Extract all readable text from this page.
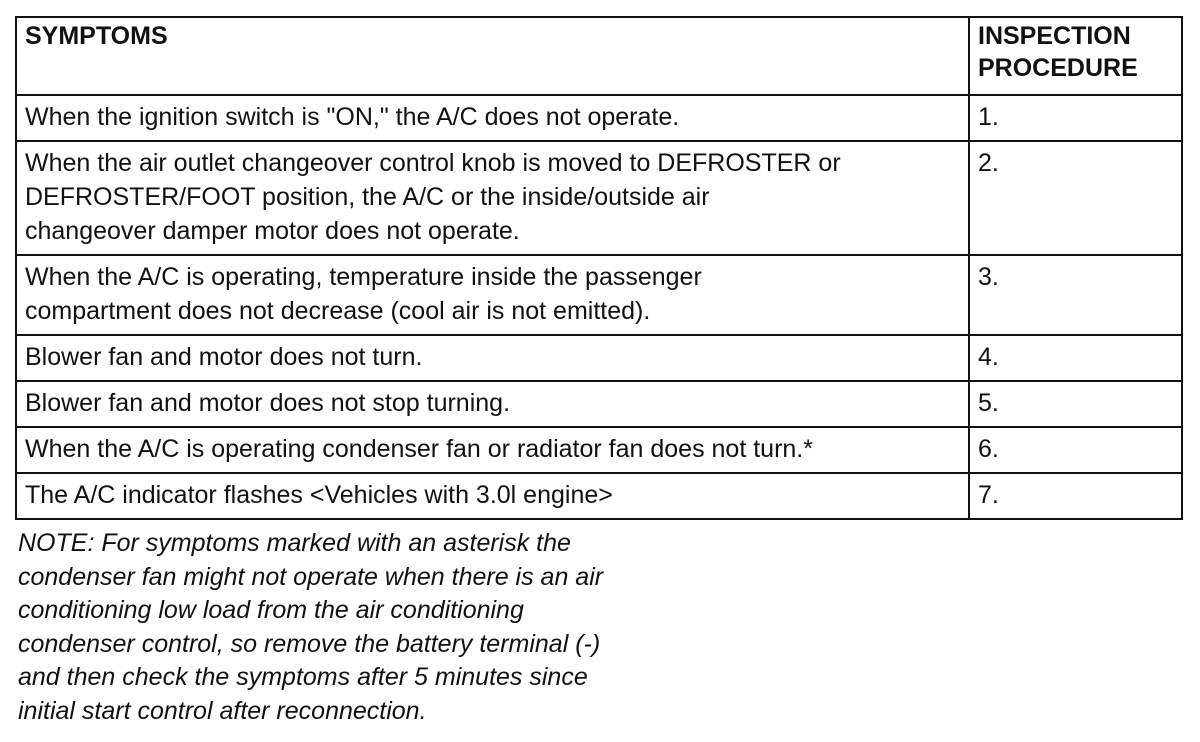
SYMPTOMS	INSPECTION
PROCEDURE
When the ignition switch is "ON," the A/C does not operate.	1.
When the air outlet changeover control knob is moved to DEFROSTER or
DEFROSTER/FOOT position, the A/C or the inside/outside air
changeover damper motor does not operate.	2.
When the A/C is operating, temperature inside the passenger
compartment does not decrease (cool air is not emitted).	3.
Blower fan and motor does not turn.	4.
Blower fan and motor does not stop turning.	5.
When the A/C is operating condenser fan or radiator fan does not turn.*	6.
The A/C indicator flashes <Vehicles with 3.0l engine>	7.

NOTE: For symptoms marked with an asterisk the
condenser fan might not operate when there is an air
conditioning low load from the air conditioning
condenser control, so remove the battery terminal (-)
and then check the symptoms after 5 minutes since
initial start control after reconnection.
